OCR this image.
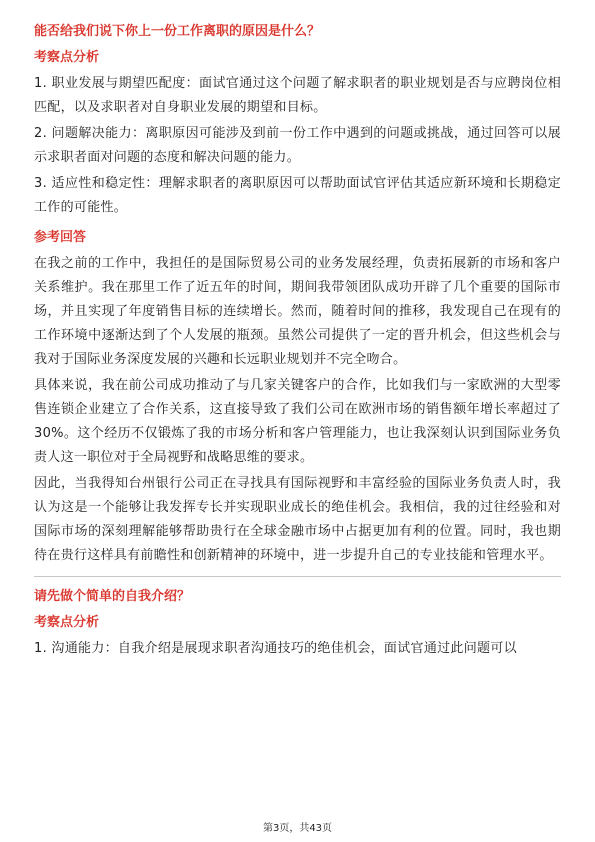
能否给我们说下你上一份工作离职的原因是什么？
考察点分析

1. 职业发展与期望匹配度：面试官通过这个问题了解求职者的职业规划是否与应聘岗位相匹配，以及求职者对自身职业发展的期望和目标。

2. 问题解决能力：离职原因可能涉及到前一份工作中遇到的问题或挑战，通过回答可以展示求职者面对问题的态度和解决问题的能力。

3. 适应性和稳定性：理解求职者的离职原因可以帮助面试官评估其适应新环境和长期稳定工作的可能性。

参考回答

在我之前的工作中，我担任的是国际贸易公司的业务发展经理，负责拓展新的市场和客户关系维护。我在那里工作了近五年的时间，期间我带领团队成功开辟了几个重要的国际市场，并且实现了年度销售目标的连续增长。然而，随着时间的推移，我发现自己在现有的工作环境中逐渐达到了个人发展的瓶颈。虽然公司提供了一定的晋升机会，但这些机会与我对于国际业务深度发展的兴趣和长远职业规划并不完全吻合。

具体来说，我在前公司成功推动了与几家关键客户的合作，比如我们与一家欧洲的大型零售连锁企业建立了合作关系，这直接导致了我们公司在欧洲市场的销售额年增长率超过了30%。这个经历不仅锻炼了我的市场分析和客户管理能力，也让我深刻认识到国际业务负责人这一职位对于全局视野和战略思维的要求。

因此，当我得知台州银行公司正在寻找具有国际视野和丰富经验的国际业务负责人时，我认为这是一个能够让我发挥专长并实现职业成长的绝佳机会。我相信，我的过往经验和对国际市场的深刻理解能够帮助贵行在全球金融市场中占据更加有利的位置。同时，我也期待在贵行这样具有前瞻性和创新精神的环境中，进一步提升自己的专业技能和管理水平。

请先做个简单的自我介绍？
考察点分析

1. 沟通能力：自我介绍是展现求职者沟通技巧的绝佳机会，面试官通过此问题可以

第3页，共43页
